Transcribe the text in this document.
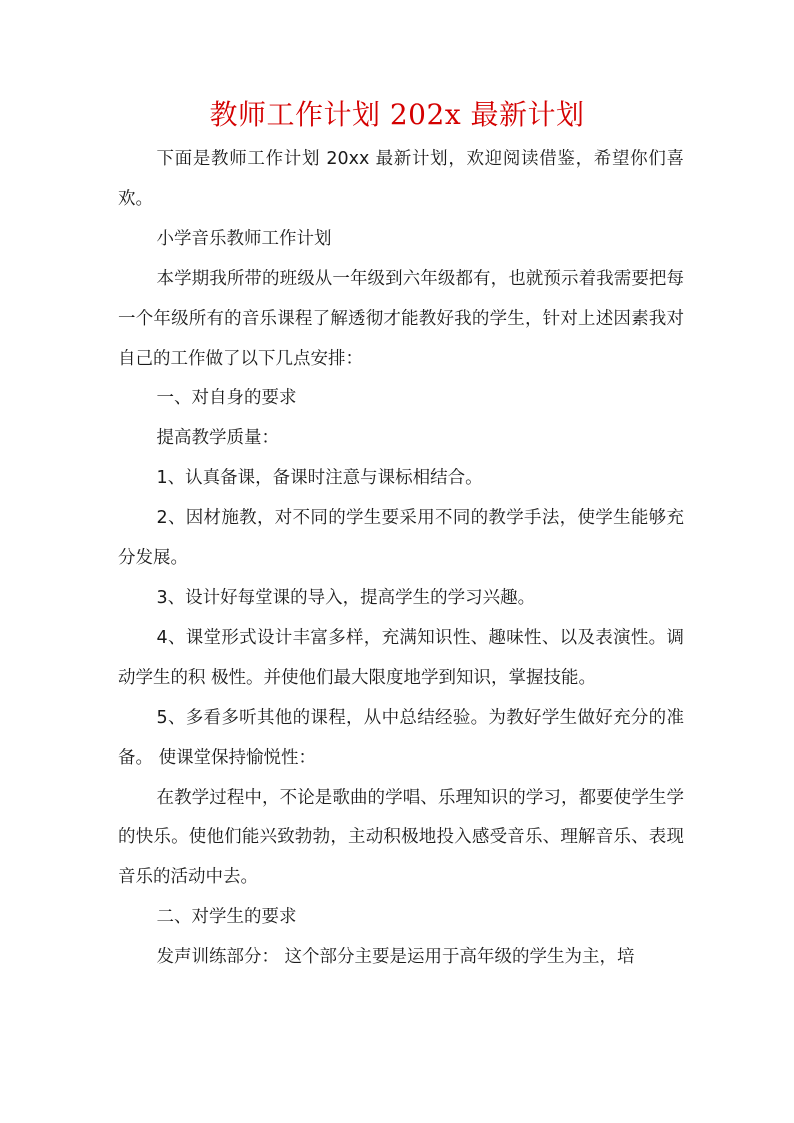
教师工作计划 202x 最新计划

下面是教师工作计划 20xx 最新计划，欢迎阅读借鉴，希望你们喜欢。

小学音乐教师工作计划

本学期我所带的班级从一年级到六年级都有，也就预示着我需要把每一个年级所有的音乐课程了解透彻才能教好我的学生，针对上述因素我对自己的工作做了以下几点安排：

一、对自身的要求

提高教学质量：

1、认真备课，备课时注意与课标相结合。

2、因材施教，对不同的学生要采用不同的教学手法，使学生能够充分发展。

3、设计好每堂课的导入，提高学生的学习兴趣。

4、课堂形式设计丰富多样，充满知识性、趣味性、以及表演性。调动学生的积 极性。并使他们最大限度地学到知识，掌握技能。

5、多看多听其他的课程，从中总结经验。为教好学生做好充分的准备。 使课堂保持愉悦性：

在教学过程中，不论是歌曲的学唱、乐理知识的学习，都要使学生学的快乐。使他们能兴致勃勃，主动积极地投入感受音乐、理解音乐、表现音乐的活动中去。

二、对学生的要求

发声训练部分： 这个部分主要是运用于高年级的学生为主，培
